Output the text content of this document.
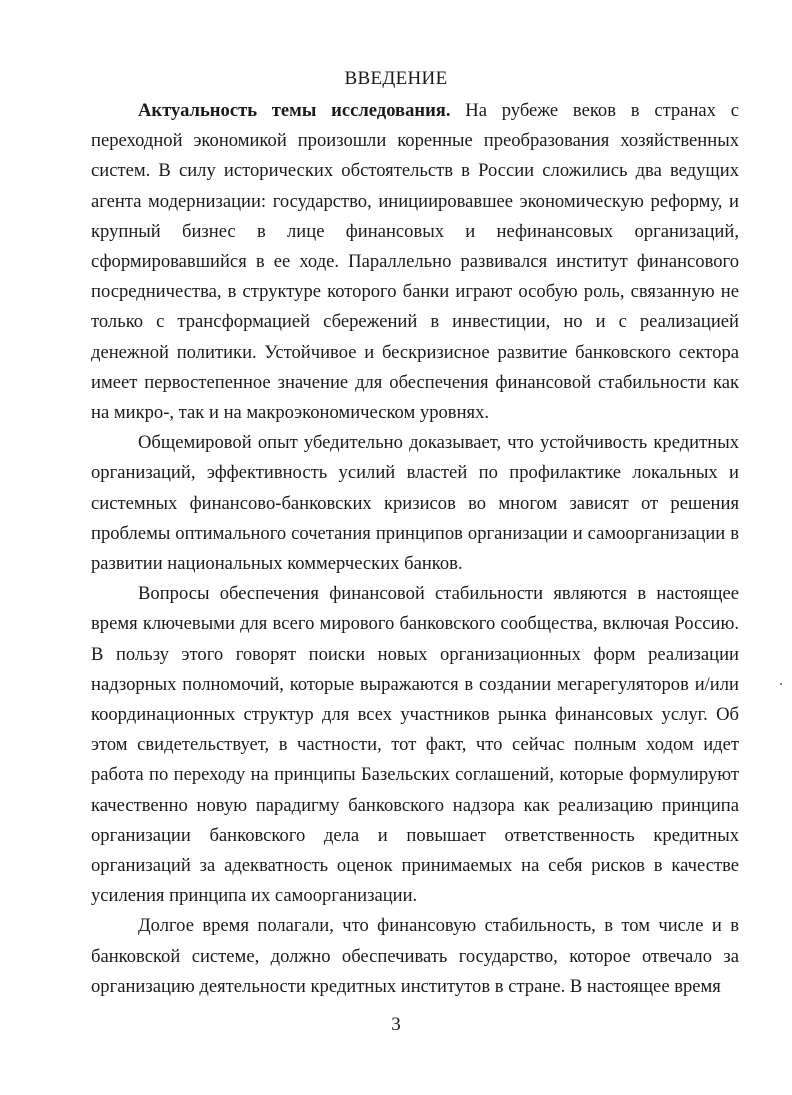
ВВЕДЕНИЕ

Актуальность темы исследования. На рубеже веков в странах с переходной экономикой произошли коренные преобразования хозяйственных систем. В силу исторических обстоятельств в России сложились два ведущих агента модернизации: государство, инициировавшее экономическую реформу, и крупный бизнес в лице финансовых и нефинансовых организаций, сформировавшийся в ее ходе. Параллельно развивался институт финансового посредничества, в структуре которого банки играют особую роль, связанную не только с трансформацией сбережений в инвестиции, но и с реализацией денежной политики. Устойчивое и бескризисное развитие банковского сектора имеет первостепенное значение для обеспечения финансовой стабильности как на микро-, так и на макроэкономическом уровнях.

Общемировой опыт убедительно доказывает, что устойчивость кредитных организаций, эффективность усилий властей по профилактике локальных и системных финансово-банковских кризисов во многом зависят от решения проблемы оптимального сочетания принципов организации и самоорганизации в развитии национальных коммерческих банков.

Вопросы обеспечения финансовой стабильности являются в настоящее время ключевыми для всего мирового банковского сообщества, включая Россию. В пользу этого говорят поиски новых организационных форм реализации надзорных полномочий, которые выражаются в создании мегарегуляторов и/или координационных структур для всех участников рынка финансовых услуг. Об этом свидетельствует, в частности, тот факт, что сейчас полным ходом идет работа по переходу на принципы Базельских соглашений, которые формулируют качественно новую парадигму банковского надзора как реализацию принципа организации банковского дела и повышает ответственность кредитных организаций за адекватность оценок принимаемых на себя рисков в качестве усиления принципа их самоорганизации.

Долгое время полагали, что финансовую стабильность, в том числе и в банковской системе, должно обеспечивать государство, которое отвечало за организацию деятельности кредитных институтов в стране. В настоящее время

3
